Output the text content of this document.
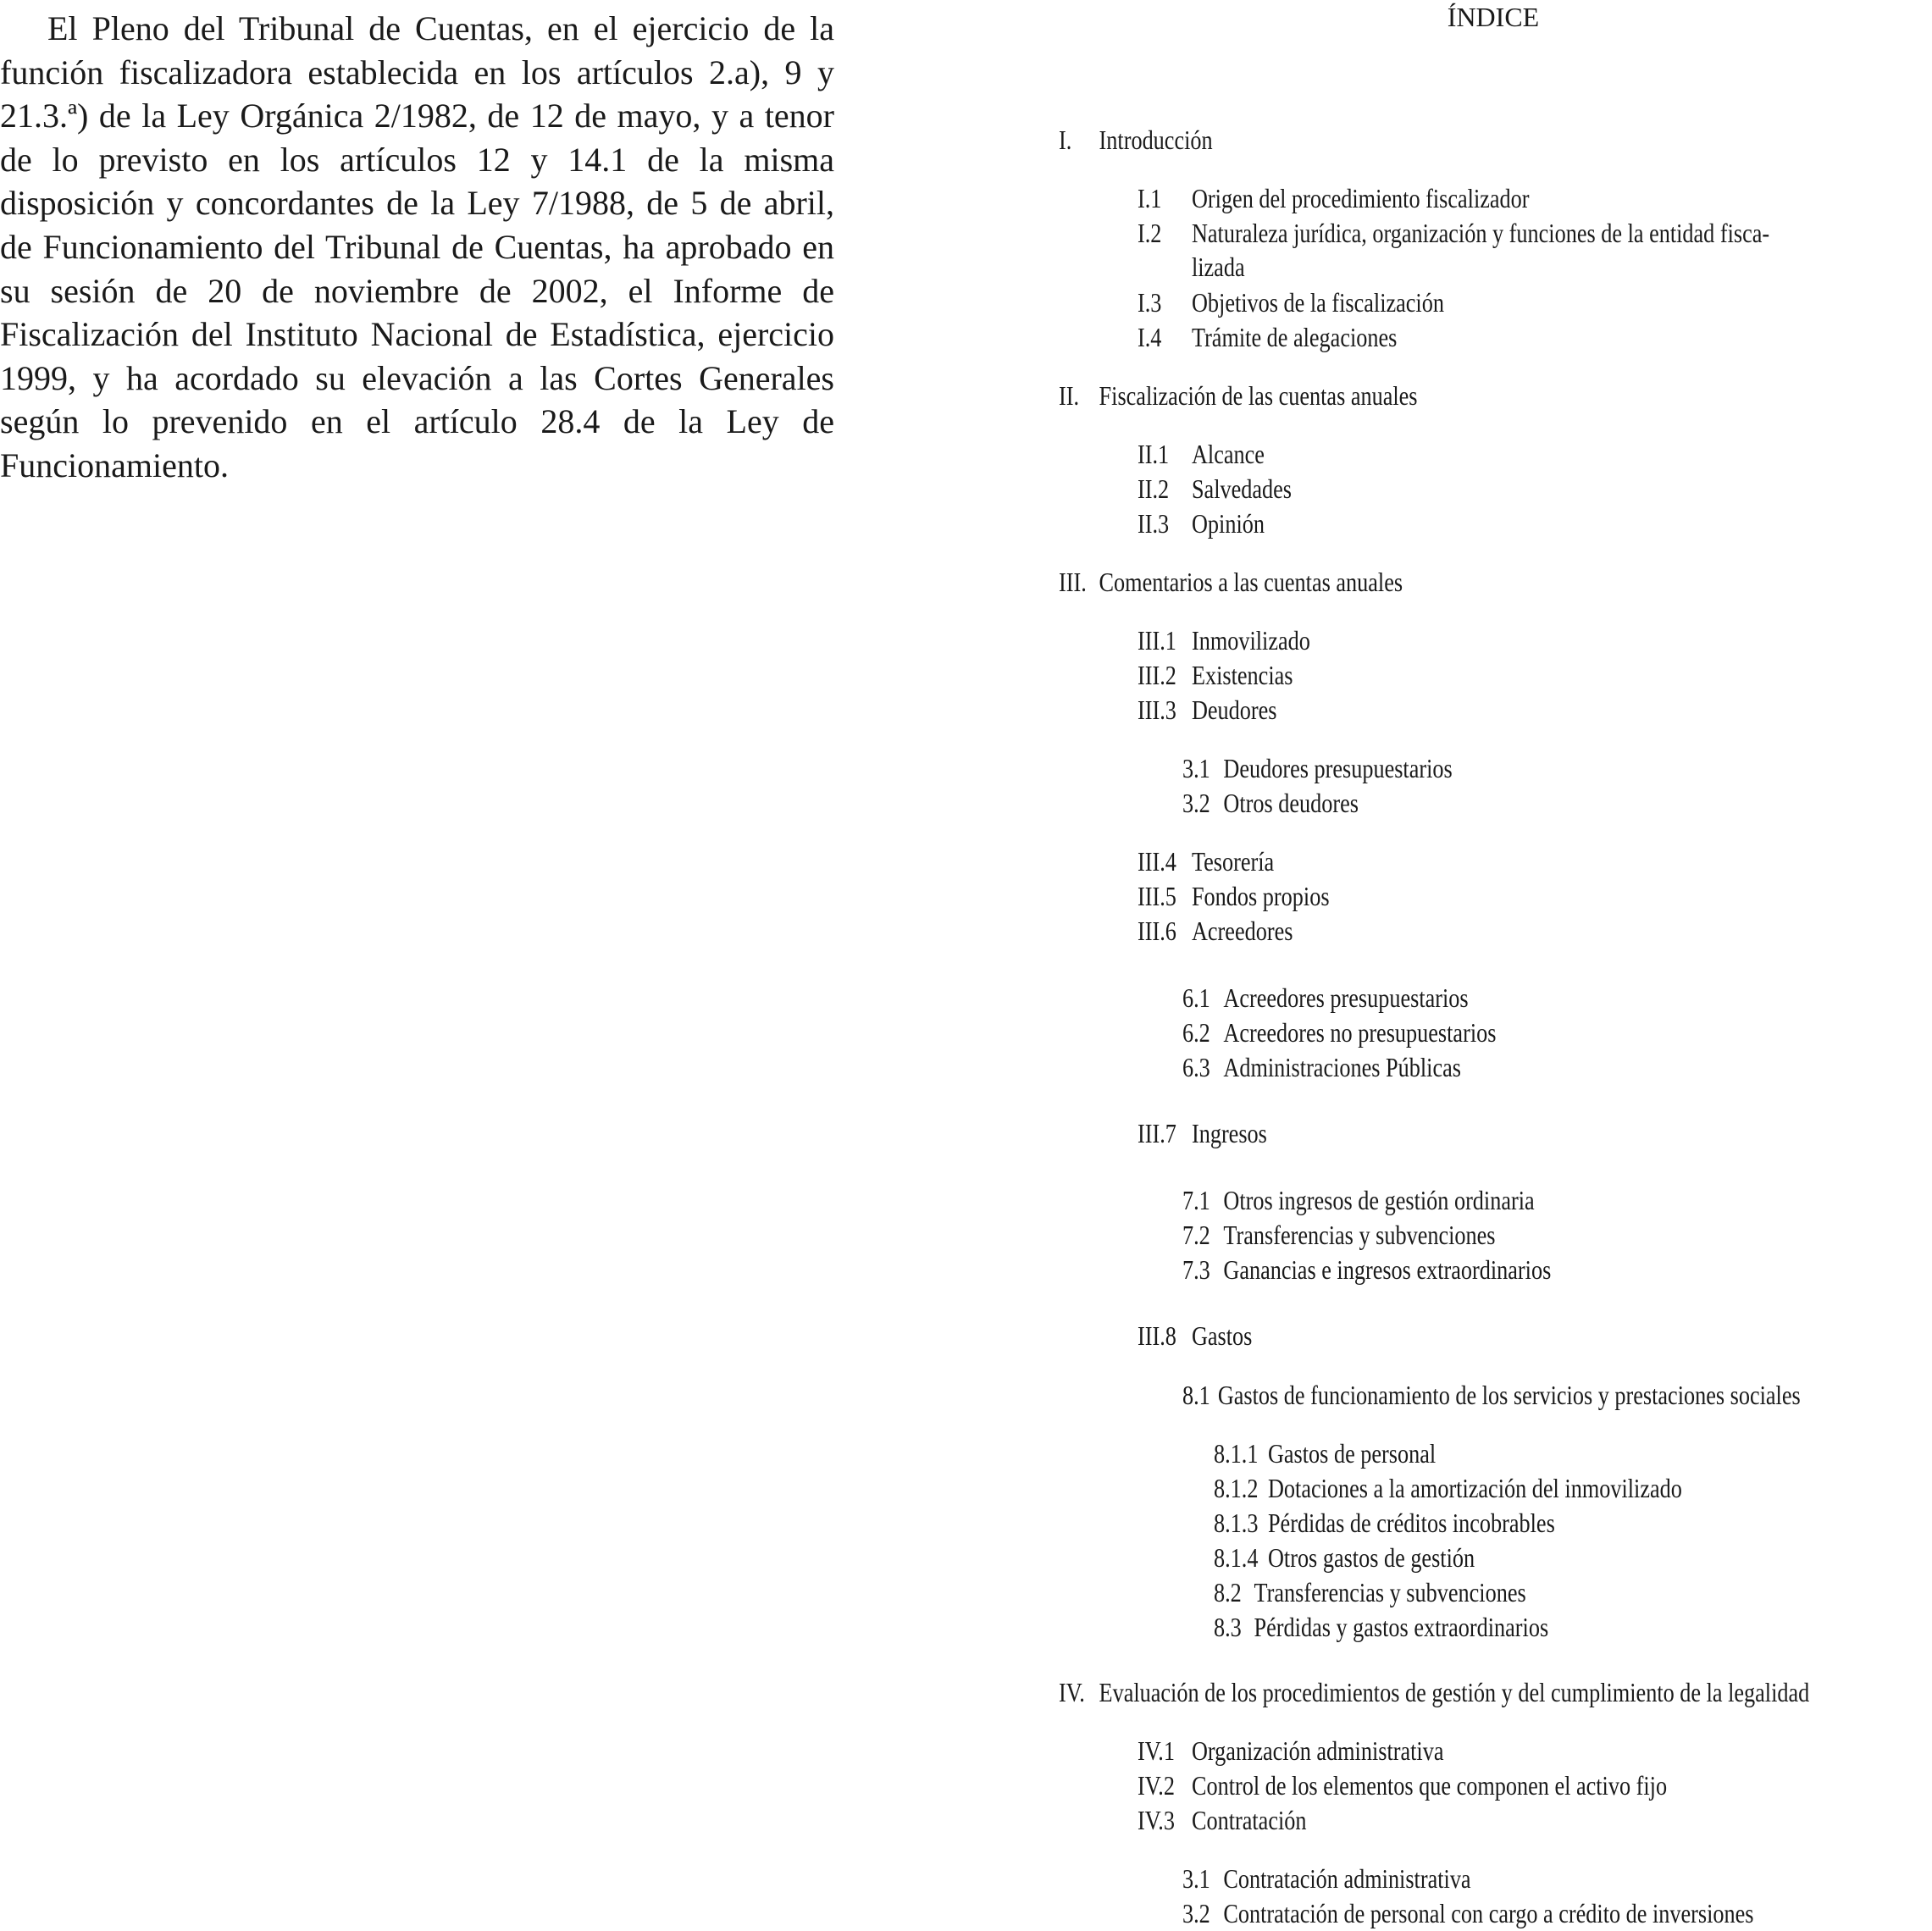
El Pleno del Tribunal de Cuentas, en el ejercicio de la función fiscalizadora establecida en los artículos 2.a), 9 y 21.3.ª) de la Ley Orgánica 2/1982, de 12 de mayo, y a tenor de lo previsto en los artículos 12 y 14.1 de la misma disposición y concordantes de la Ley 7/1988, de 5 de abril, de Funcionamiento del Tribunal de Cuentas, ha aprobado en su sesión de 20 de noviembre de 2002, el Informe de Fiscalización del Instituto Nacional de Estadística, ejercicio 1999, y ha acordado su elevación a las Cortes Generales según lo prevenido en el artículo 28.4 de la Ley de Funcionamiento.

ÍNDICE
I. Introducción
I.1 Origen del procedimiento fiscalizador
I.2 Naturaleza jurídica, organización y funciones de la entidad fisca-
lizada
I.3 Objetivos de la fiscalización
I.4 Trámite de alegaciones
II. Fiscalización de las cuentas anuales
II.1 Alcance
II.2 Salvedades
II.3 Opinión
III. Comentarios a las cuentas anuales
III.1 Inmovilizado
III.2 Existencias
III.3 Deudores
3.1 Deudores presupuestarios
3.2 Otros deudores
III.4 Tesorería
III.5 Fondos propios
III.6 Acreedores
6.1 Acreedores presupuestarios
6.2 Acreedores no presupuestarios
6.3 Administraciones Públicas
III.7 Ingresos
7.1 Otros ingresos de gestión ordinaria
7.2 Transferencias y subvenciones
7.3 Ganancias e ingresos extraordinarios
III.8 Gastos
8.1 Gastos de funcionamiento de los servicios y prestaciones sociales
8.1.1 Gastos de personal
8.1.2 Dotaciones a la amortización del inmovilizado
8.1.3 Pérdidas de créditos incobrables
8.1.4 Otros gastos de gestión
8.2 Transferencias y subvenciones
8.3 Pérdidas y gastos extraordinarios
IV. Evaluación de los procedimientos de gestión y del cumplimiento de la legalidad
IV.1 Organización administrativa
IV.2 Control de los elementos que componen el activo fijo
IV.3 Contratación
3.1 Contratación administrativa
3.2 Contratación de personal con cargo a crédito de inversiones
